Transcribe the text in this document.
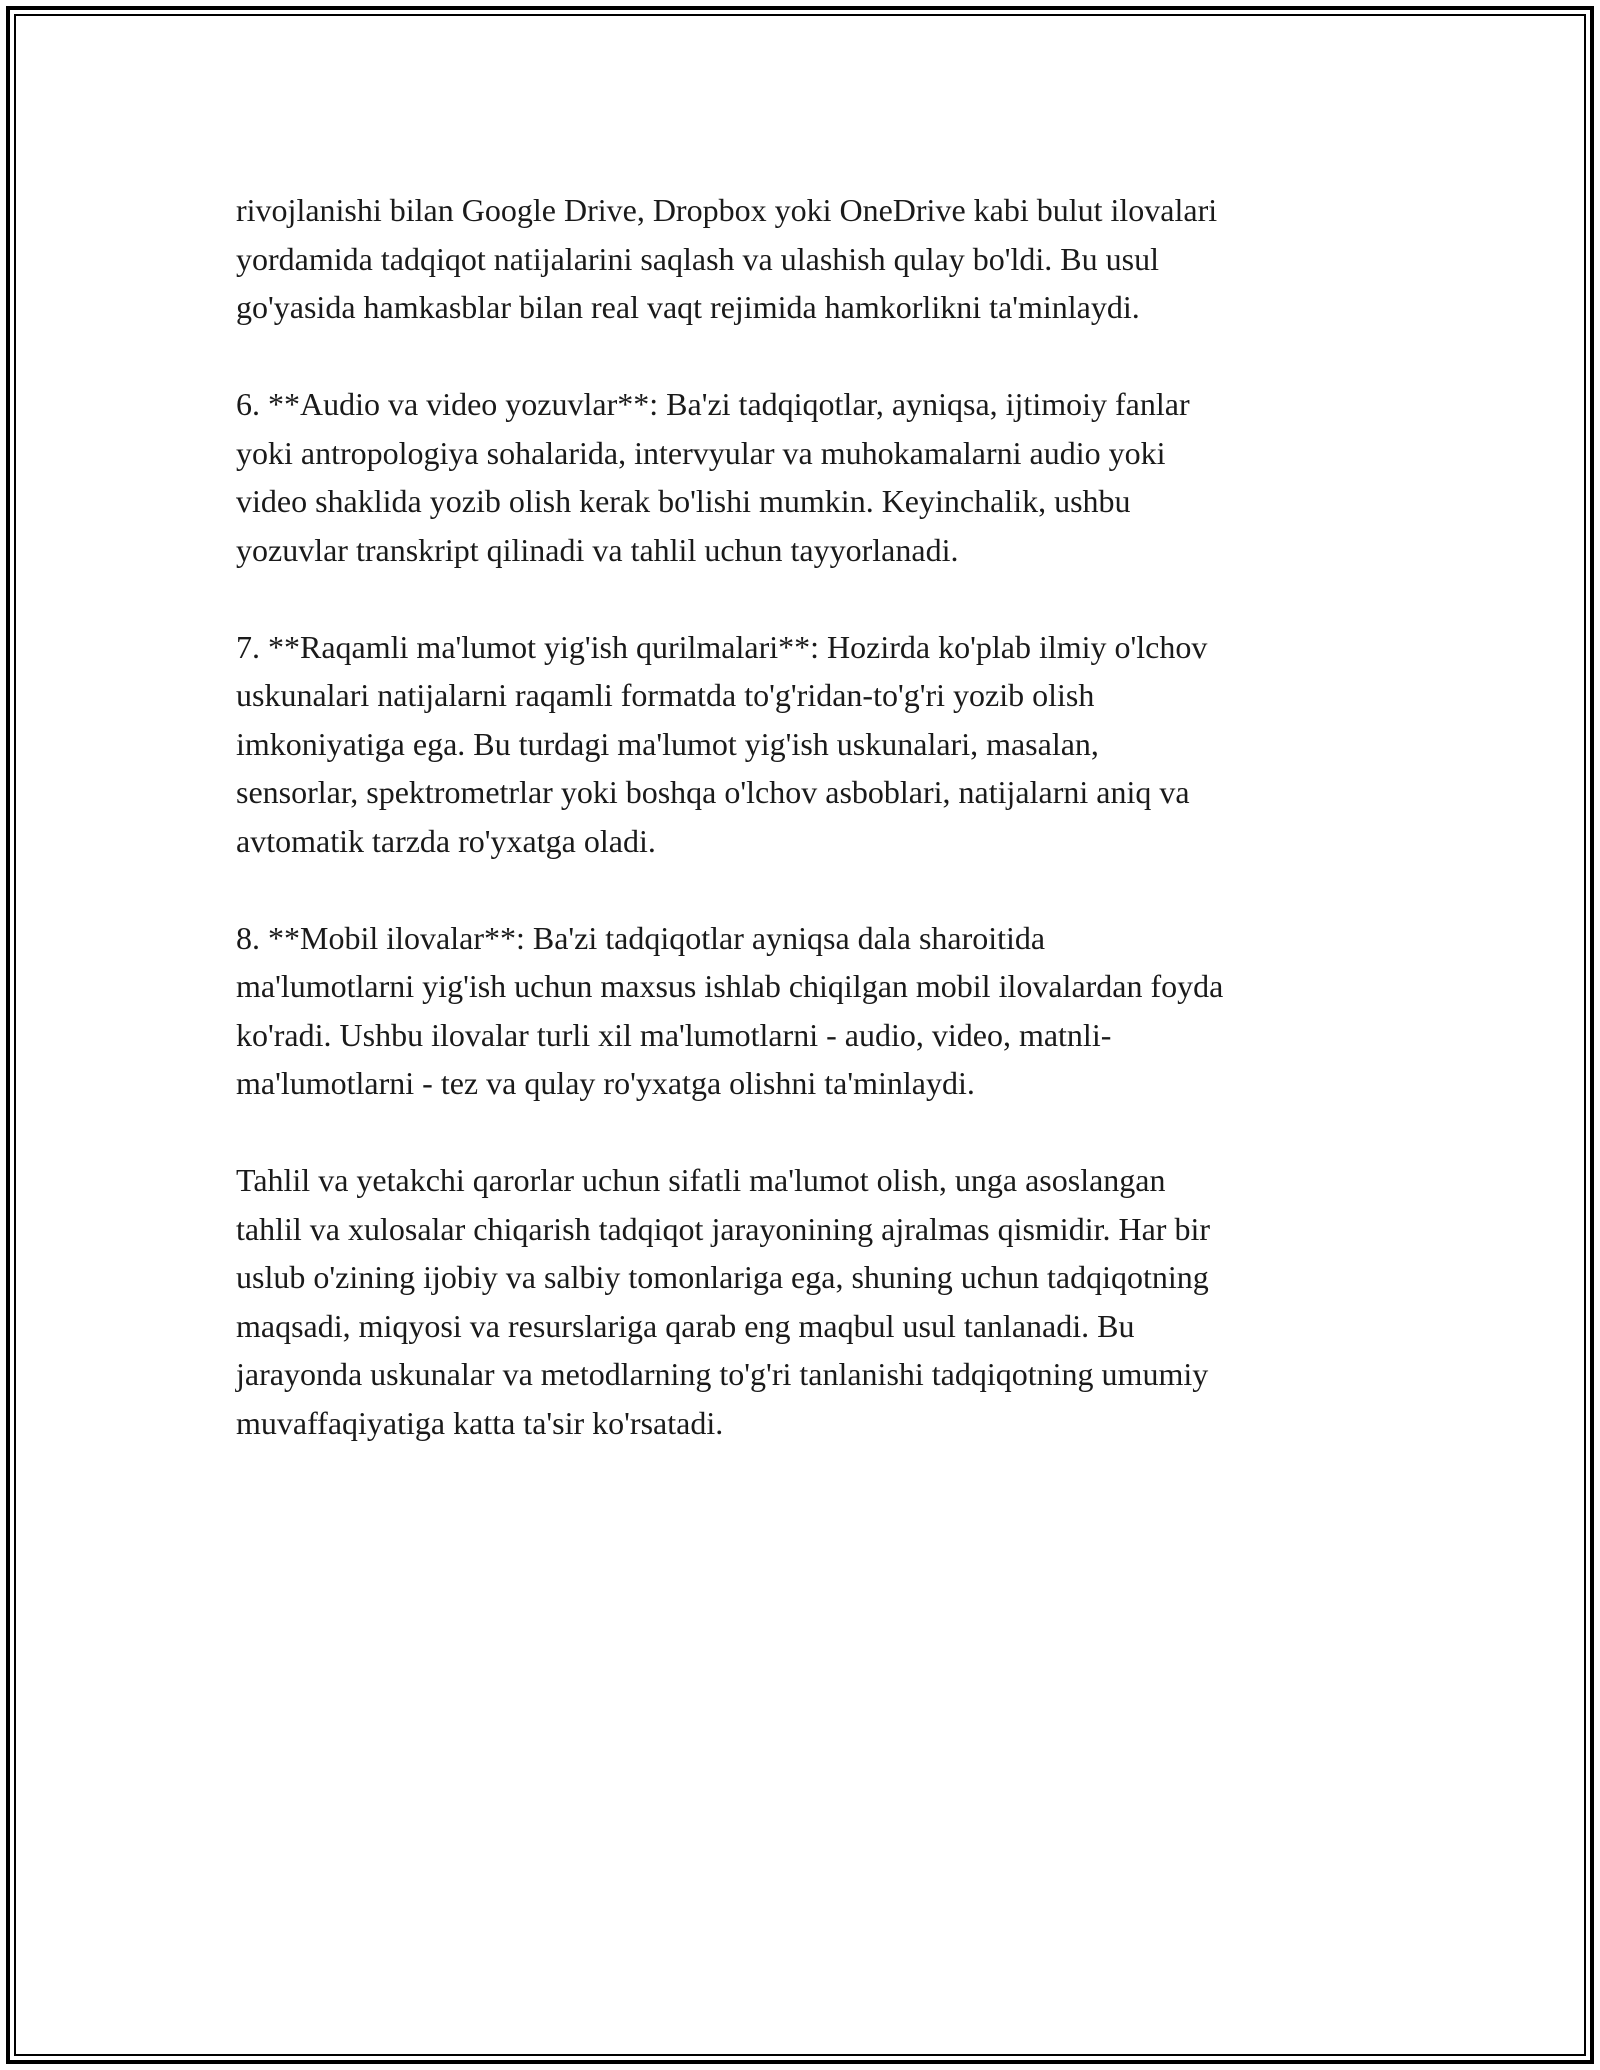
rivojlanishi bilan Google Drive, Dropbox yoki OneDrive kabi bulut ilovalari
yordamida tadqiqot natijalarini saqlash va ulashish qulay bo'ldi. Bu usul
go'yasida hamkasblar bilan real vaqt rejimida hamkorlikni ta'minlaydi.

6. **Audio va video yozuvlar**: Ba'zi tadqiqotlar, ayniqsa, ijtimoiy fanlar
yoki antropologiya sohalarida, intervyular va muhokamalarni audio yoki
video shaklida yozib olish kerak bo'lishi mumkin. Keyinchalik, ushbu
yozuvlar transkript qilinadi va tahlil uchun tayyorlanadi.

7. **Raqamli ma'lumot yig'ish qurilmalari**: Hozirda ko'plab ilmiy o'lchov
uskunalari natijalarni raqamli formatda to'g'ridan-to'g'ri yozib olish
imkoniyatiga ega. Bu turdagi ma'lumot yig'ish uskunalari, masalan,
sensorlar, spektrometrlar yoki boshqa o'lchov asboblari, natijalarni aniq va
avtomatik tarzda ro'yxatga oladi.

8. **Mobil ilovalar**: Ba'zi tadqiqotlar ayniqsa dala sharoitida
ma'lumotlarni yig'ish uchun maxsus ishlab chiqilgan mobil ilovalardan foyda
ko'radi. Ushbu ilovalar turli xil ma'lumotlarni - audio, video, matnli-
ma'lumotlarni - tez va qulay ro'yxatga olishni ta'minlaydi.

Tahlil va yetakchi qarorlar uchun sifatli ma'lumot olish, unga asoslangan
tahlil va xulosalar chiqarish tadqiqot jarayonining ajralmas qismidir. Har bir
uslub o'zining ijobiy va salbiy tomonlariga ega, shuning uchun tadqiqotning
maqsadi, miqyosi va resurslariga qarab eng maqbul usul tanlanadi. Bu
jarayonda uskunalar va metodlarning to'g'ri tanlanishi tadqiqotning umumiy
muvaffaqiyatiga katta ta'sir ko'rsatadi.
